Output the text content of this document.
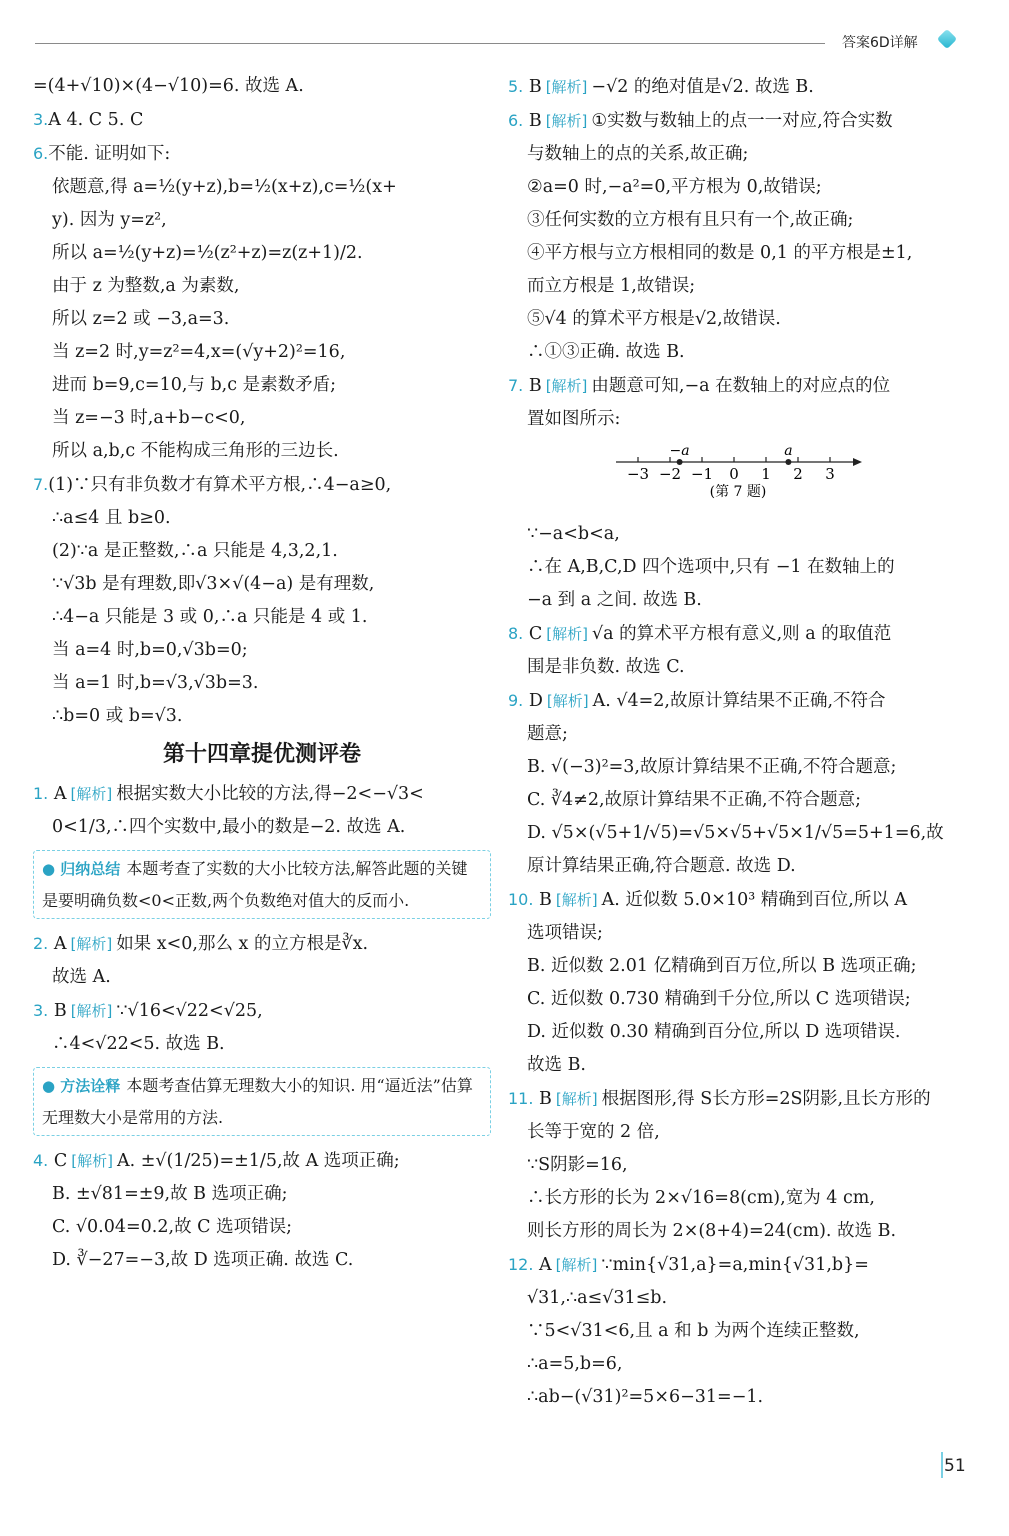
答案6D详解
=(4+√10)×(4−√10)=6. 故选 A.
3.A 4. C 5. C
6.不能. 证明如下:
依题意,得 a=½(y+z),b=½(x+z),c=½(x+
y). 因为 y=z²,
所以 a=½(y+z)=½(z²+z)=z(z+1)/2.
由于 z 为整数,a 为素数,
所以 z=2 或 −3,a=3.
当 z=2 时,y=z²=4,x=(√y+2)²=16,
进而 b=9,c=10,与 b,c 是素数矛盾;
当 z=−3 时,a+b−c<0,
所以 a,b,c 不能构成三角形的三边长.
7.(1)∵只有非负数才有算术平方根,∴4−a≥0,
∴a≤4 且 b≥0.
(2)∵a 是正整数,∴a 只能是 4,3,2,1.
∵√3b 是有理数,即√3×√(4−a) 是有理数,
∴4−a 只能是 3 或 0,∴a 只能是 4 或 1.
当 a=4 时,b=0,√3b=0;
当 a=1 时,b=√3,√3b=3.
∴b=0 或 b=√3.
第十四章提优测评卷
1. A [解析] 根据实数大小比较的方法,得−2<−√3<
0<1/3,∴四个实数中,最小的数是−2. 故选 A.
● 归纳总结 本题考查了实数的大小比较方法,解答此题的关键是要明确负数<0<正数,两个负数绝对值大的反而小.
2. A [解析] 如果 x<0,那么 x 的立方根是∛x.
故选 A.
3. B [解析] ∵√16<√22<√25,
∴4<√22<5. 故选 B.
● 方法诠释 本题考查估算无理数大小的知识. 用“逼近法”估算无理数大小是常用的方法.
4. C [解析] A. ±√(1/25)=±1/5,故 A 选项正确;
B. ±√81=±9,故 B 选项正确;
C. √0.04=0.2,故 C 选项错误;
D. ∛−27=−3,故 D 选项正确. 故选 C.
5. B [解析] −√2 的绝对值是√2. 故选 B.
6. B [解析] ①实数与数轴上的点一一对应,符合实数
与数轴上的点的关系,故正确;
②a=0 时,−a²=0,平方根为 0,故错误;
③任何实数的立方根有且只有一个,故正确;
④平方根与立方根相同的数是 0,1 的平方根是±1,
而立方根是 1,故错误;
⑤√4 的算术平方根是√2,故错误.
∴①③正确. 故选 B.
7. B [解析] 由题意可知,−a 在数轴上的对应点的位
置如图所示:
−3 −2 −1 0 1 2 3
−a	a
(第 7 题)
∵−a<b<a,
∴在 A,B,C,D 四个选项中,只有 −1 在数轴上的
−a 到 a 之间. 故选 B.
8. C [解析] √a 的算术平方根有意义,则 a 的取值范
围是非负数. 故选 C.
9. D [解析] A. √4=2,故原计算结果不正确,不符合
题意;
B. √(−3)²=3,故原计算结果不正确,不符合题意;
C. ∛4≠2,故原计算结果不正确,不符合题意;
D. √5×(√5+1/√5)=√5×√5+√5×1/√5=5+1=6,故
原计算结果正确,符合题意. 故选 D.
10. B [解析] A. 近似数 5.0×10³ 精确到百位,所以 A
选项错误;
B. 近似数 2.01 亿精确到百万位,所以 B 选项正确;
C. 近似数 0.730 精确到千分位,所以 C 选项错误;
D. 近似数 0.30 精确到百分位,所以 D 选项错误.
故选 B.
11. B [解析] 根据图形,得 S长方形=2S阴影,且长方形的
长等于宽的 2 倍,
∵S阴影=16,
∴长方形的长为 2×√16=8(cm),宽为 4 cm,
则长方形的周长为 2×(8+4)=24(cm). 故选 B.
12. A [解析] ∵min{√31,a}=a,min{√31,b}=
√31,∴a≤√31≤b.
∵5<√31<6,且 a 和 b 为两个连续正整数,
∴a=5,b=6,
∴ab−(√31)²=5×6−31=−1.
51
